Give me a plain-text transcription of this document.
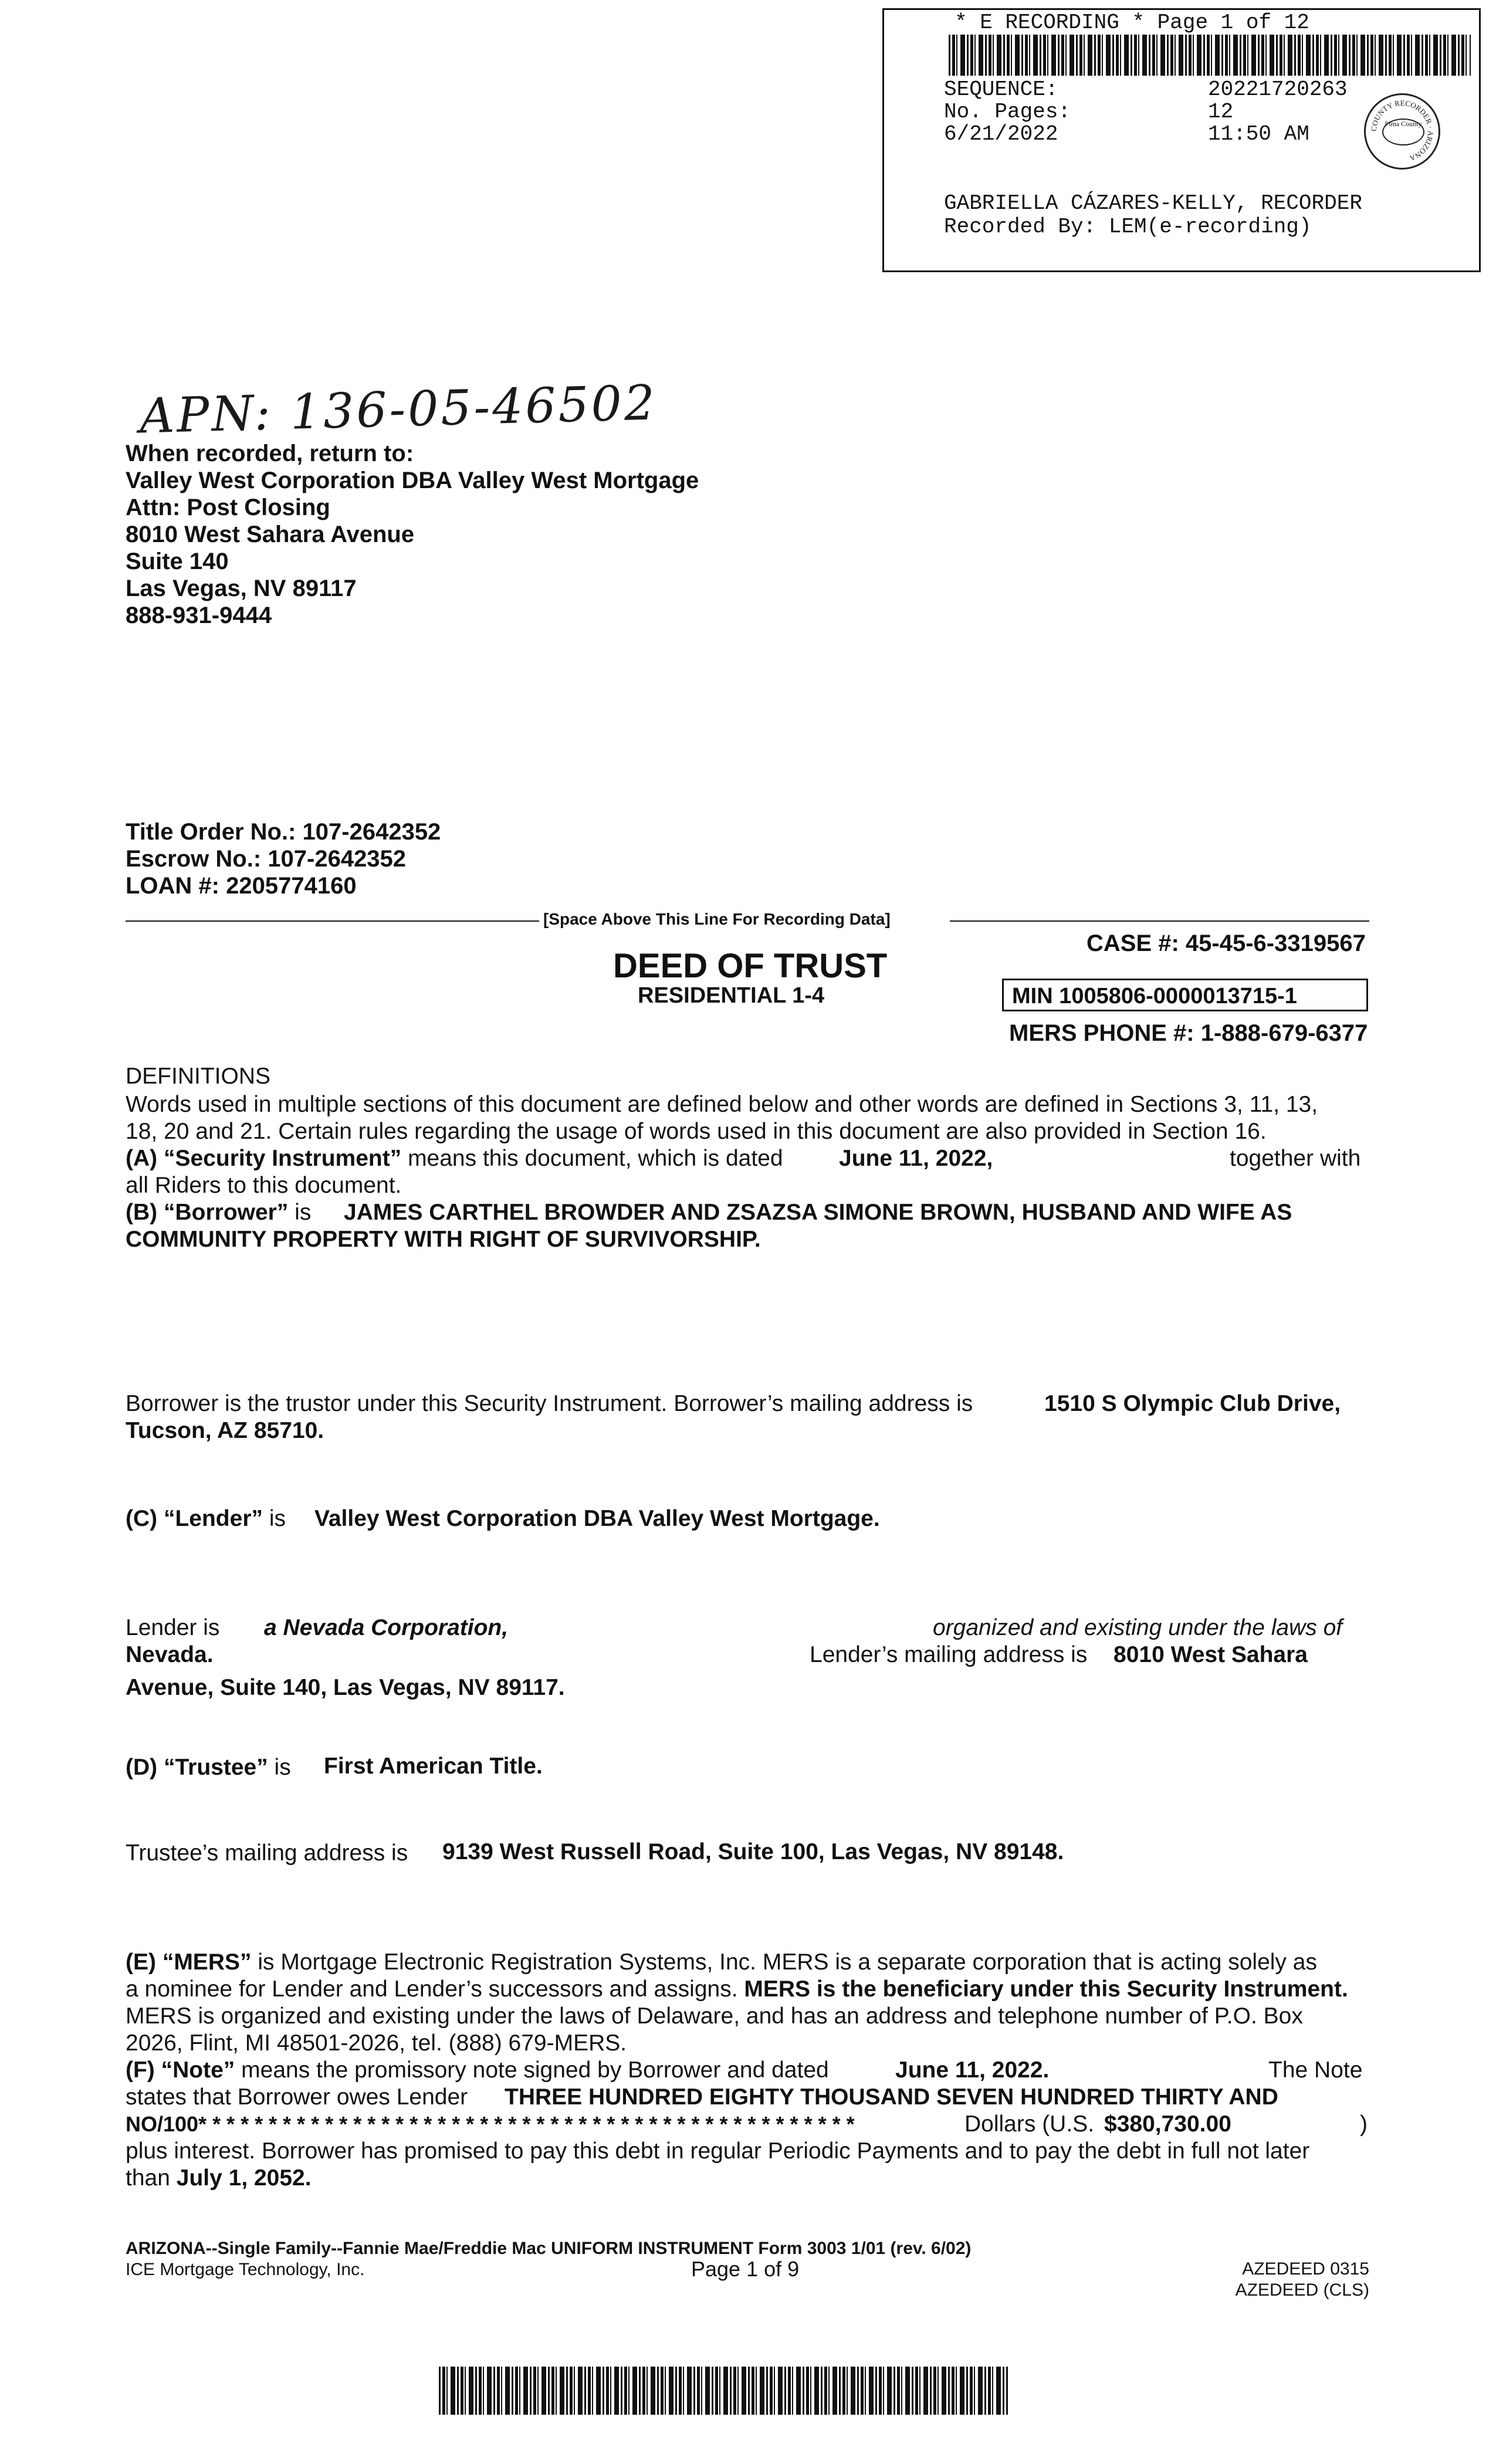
* E RECORDING * Page 1 of 12
SEQUENCE:	20221720263
No. Pages:	12
6/21/2022	11:50 AM	COUNTY RECORDER · ARIZONA
Pima County
GABRIELLA CÁZARES-KELLY, RECORDER
Recorded By: LEM(e-recording)
APN: 136-05-46502
When recorded, return to:
Valley West Corporation DBA Valley West Mortgage
Attn: Post Closing
8010 West Sahara Avenue
Suite 140
Las Vegas, NV 89117
888-931-9444
Title Order No.: 107-2642352
Escrow No.: 107-2642352
LOAN #: 2205774160
[Space Above This Line For Recording Data]
CASE #: 45-45-6-3319567
DEED OF TRUST
RESIDENTIAL 1-4	MIN 1005806-0000013715-1
MERS PHONE #: 1-888-679-6377
DEFINITIONS
Words used in multiple sections of this document are defined below and other words are defined in Sections 3, 11, 13,
18, 20 and 21. Certain rules regarding the usage of words used in this document are also provided in Section 16.
(A) “Security Instrument” means this document, which is dated June 11, 2022,	together with
all Riders to this document.
(B) “Borrower” is JAMES CARTHEL BROWDER AND ZSAZSA SIMONE BROWN, HUSBAND AND WIFE AS
COMMUNITY PROPERTY WITH RIGHT OF SURVIVORSHIP.
Borrower is the trustor under this Security Instrument. Borrower’s mailing address is	1510 S Olympic Club Drive,
Tucson, AZ 85710.
(C) “Lender” is Valley West Corporation DBA Valley West Mortgage.
Lender is a Nevada Corporation,	organized and existing under the laws of
Nevada.	Lender’s mailing address is 8010 West Sahara
Avenue, Suite 140, Las Vegas, NV 89117.
(D) “Trustee” is First American Title.
Trustee’s mailing address is 9139 West Russell Road, Suite 100, Las Vegas, NV 89148.
(E) “MERS” is Mortgage Electronic Registration Systems, Inc. MERS is a separate corporation that is acting solely as
a nominee for Lender and Lender’s successors and assigns. MERS is the beneficiary under this Security Instrument.
MERS is organized and existing under the laws of Delaware, and has an address and telephone number of P.O. Box
2026, Flint, MI 48501-2026, tel. (888) 679-MERS.
(F) “Note” means the promissory note signed by Borrower and dated	June 11, 2022.	The Note
states that Borrower owes Lender THREE HUNDRED EIGHTY THOUSAND SEVEN HUNDRED THIRTY AND
NO/100* * * * * * * * * * * * * * * * * * * * * * * * * * * * * * * * * * * * * * * * * * * * * * *	Dollars (U.S. $380,730.00	)
plus interest. Borrower has promised to pay this debt in regular Periodic Payments and to pay the debt in full not later
than July 1, 2052.
ARIZONA--Single Family--Fannie Mae/Freddie Mac UNIFORM INSTRUMENT Form 3003 1/01 (rev. 6/02)
ICE Mortgage Technology, Inc.	Page 1 of 9	AZEDEED 0315
AZEDEED (CLS)
